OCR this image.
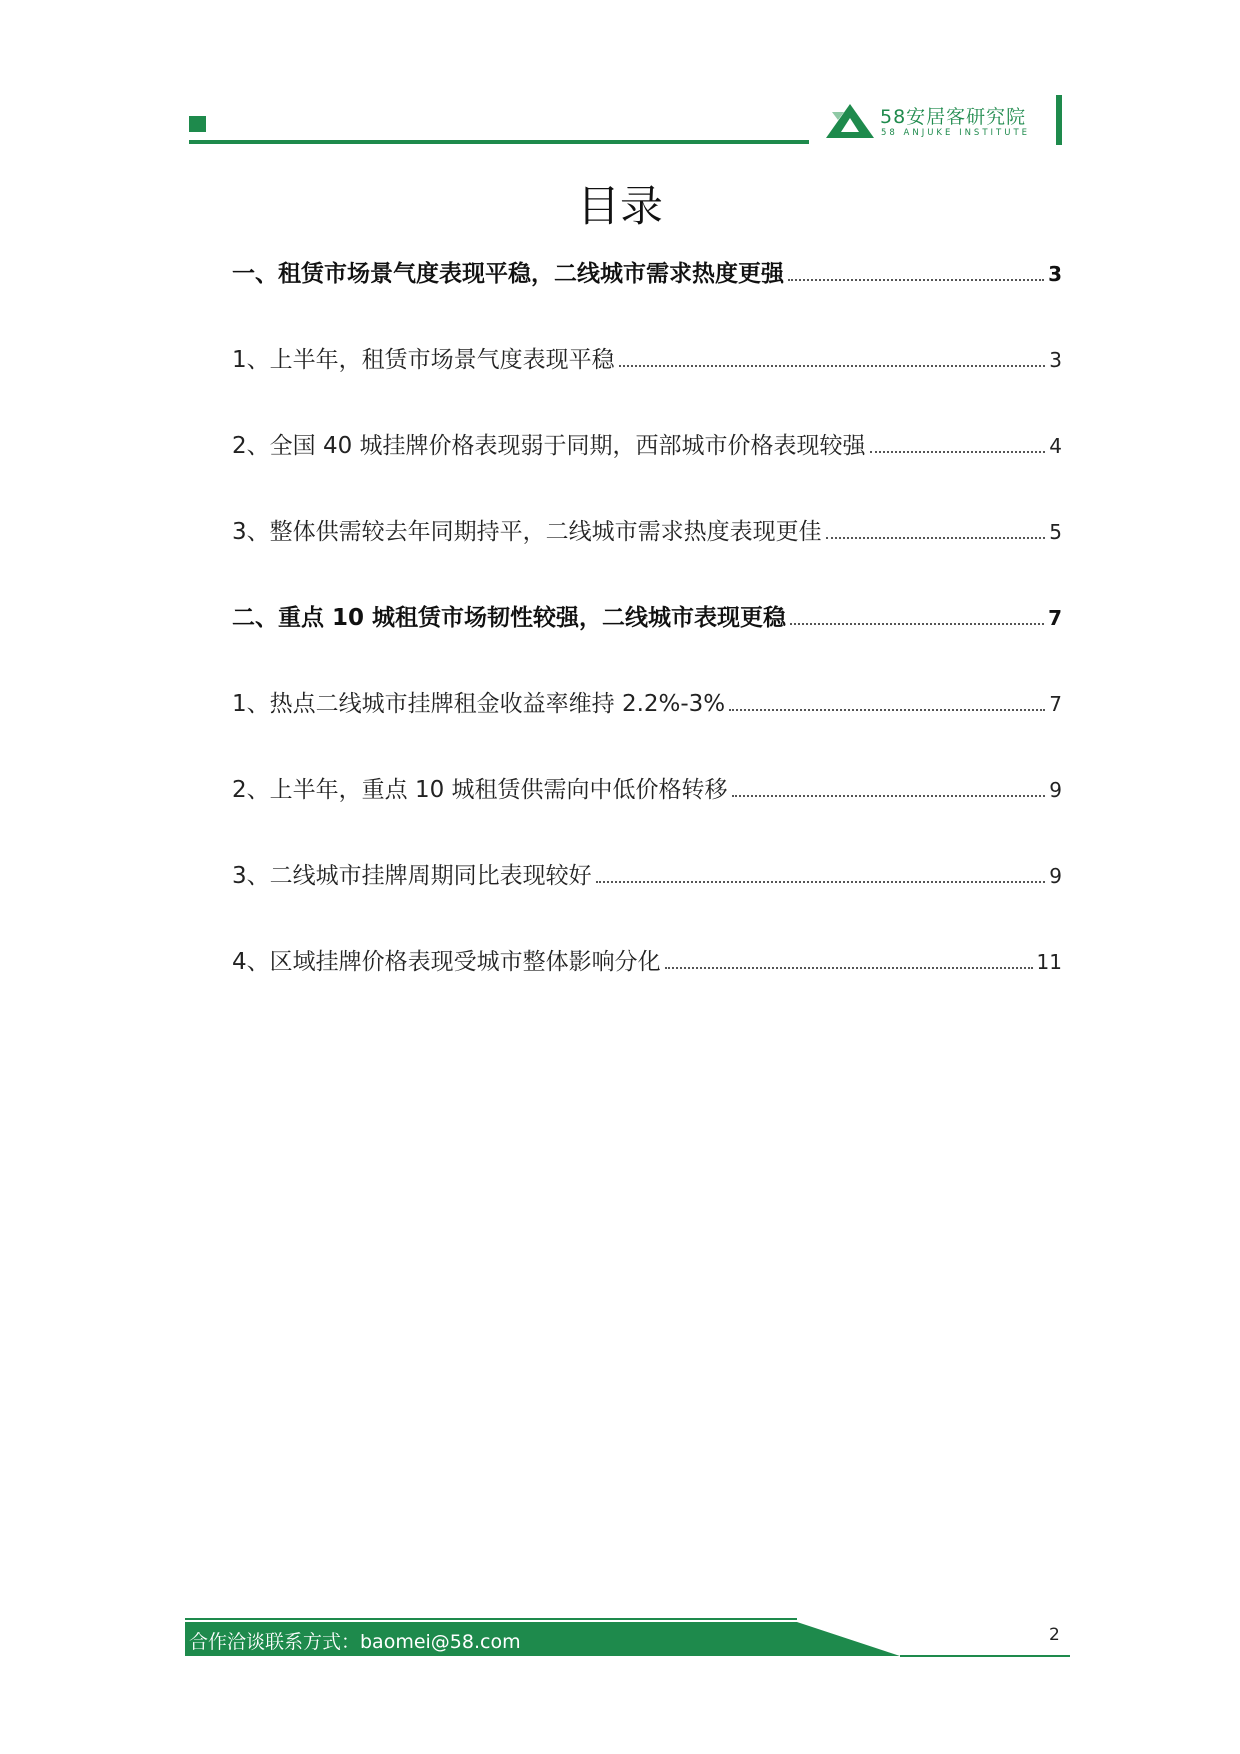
58安居客研究院
58 ANJUKE INSTITUTE
目录
一、租赁市场景气度表现平稳，二线城市需求热度更强	3
1、上半年，租赁市场景气度表现平稳	3
2、全国 40 城挂牌价格表现弱于同期，西部城市价格表现较强	4
3、整体供需较去年同期持平，二线城市需求热度表现更佳	5
二、重点 10 城租赁市场韧性较强，二线城市表现更稳	7
1、热点二线城市挂牌租金收益率维持 2.2%-3%	7
2、上半年，重点 10 城租赁供需向中低价格转移	9
3、二线城市挂牌周期同比表现较好	9
4、区域挂牌价格表现受城市整体影响分化	11
合作洽谈联系方式：baomei@58.com	2
